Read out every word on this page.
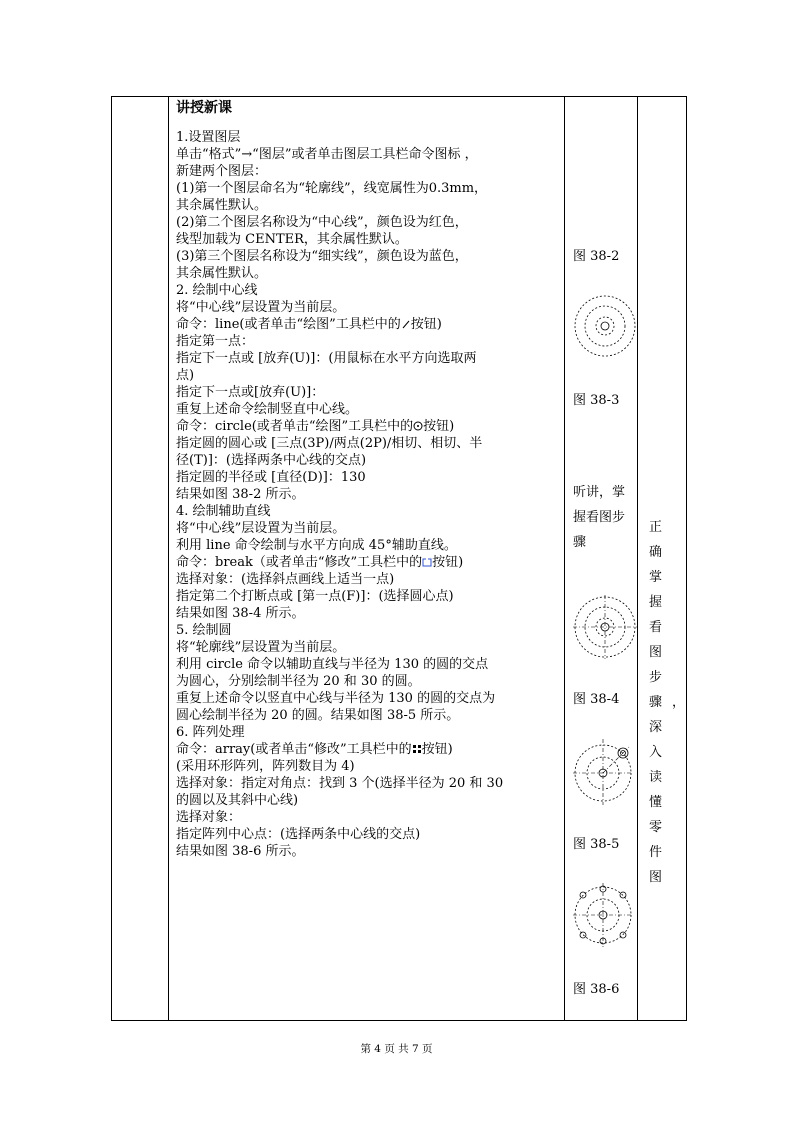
讲授新课
1.设置图层
单击“格式”→“图层”或者单击图层工具栏命令图标 ，
新建两个图层：
(1)第一个图层命名为“轮廓线”，线宽属性为0.3mm，
其余属性默认。
(2)第二个图层名称设为“中心线”，颜色设为红色，
线型加载为 CENTER，其余属性默认。
(3)第三个图层名称设为“细实线”，颜色设为蓝色，
其余属性默认。
2. 绘制中心线
将“中心线”层设置为当前层。
命令：line(或者单击“绘图”工具栏中的 按钮)
指定第一点：
指定下一点或 [放弃(U)]：(用鼠标在水平方向选取两
点)
指定下一点或[放弃(U)]：
重复上述命令绘制竖直中心线。
命令：circle(或者单击“绘图”工具栏中的 按钮)
指定圆的圆心或 [三点(3P)/两点(2P)/相切、相切、半
径(T)]：(选择两条中心线的交点)
指定圆的半径或 [直径(D)]：130
结果如图 38-2 所示。
4. 绘制辅助直线
将“中心线”层设置为当前层。
利用 line 命令绘制与水平方向成 45°辅助直线。
命令：break（或者单击“修改”工具栏中的 按钮)
选择对象：(选择斜点画线上适当一点)
指定第二个打断点或 [第一点(F)]：(选择圆心点)
结果如图 38-4 所示。
5. 绘制圆
将“轮廓线”层设置为当前层。
利用 circle 命令以辅助直线与半径为 130 的圆的交点
为圆心，分别绘制半径为 20 和 30 的圆。
重复上述命令以竖直中心线与半径为 130 的圆的交点为
圆心绘制半径为 20 的圆。结果如图 38-5 所示。
6. 阵列处理
命令：array(或者单击“修改”工具栏中的 按钮)
(采用环形阵列，阵列数目为 4)
选择对象：指定对角点：找到 3 个(选择半径为 20 和 30
的圆以及其斜中心线)
选择对象：
指定阵列中心点：(选择两条中心线的交点)
结果如图 38-6 所示。
图 38-2
图 38-3
听讲，掌
握看图步
骤
图 38-4
图 38-5
图 38-6
正确
掌握
看图
步
骤，
深入
读懂
零件
图
第 4 页 共 7 页
